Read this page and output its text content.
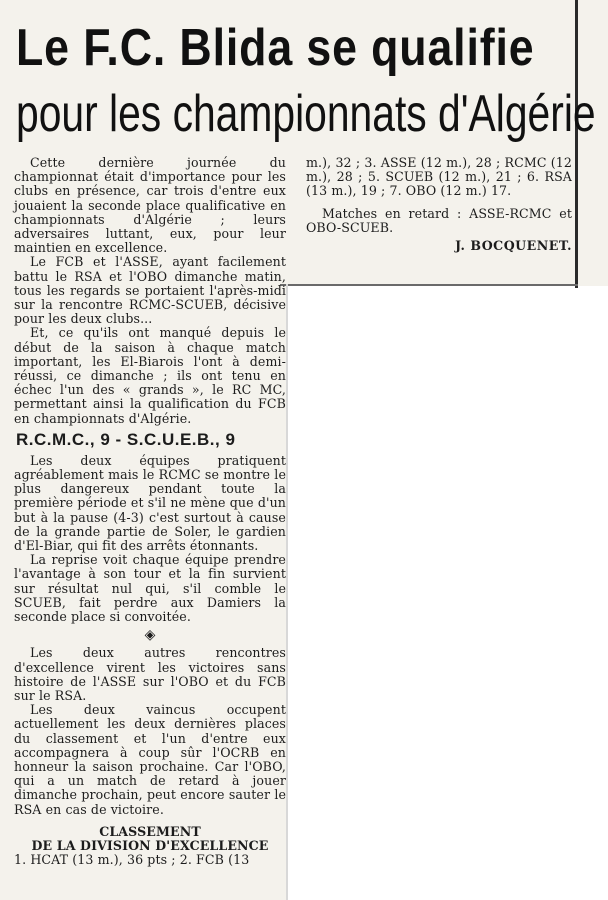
Le F.C. Blida se qualifie
pour les championnats d'Algérie

Cette dernière journée du championnat était d'importance pour les clubs en présence, car trois d'entre eux jouaient la seconde place qualificative en championnats d'Algérie ; leurs adversaires luttant, eux, pour leur maintien en excellence.

Le FCB et l'ASSE, ayant facilement battu le RSA et l'OBO dimanche matin, tous les regards se portaient l'après-midi sur la rencontre RCMC-SCUEB, décisive pour les deux clubs...

Et, ce qu'ils ont manqué depuis le début de la saison à chaque match important, les El-Biarois l'ont à demi-réussi, ce dimanche ; ils ont tenu en échec l'un des « grands », le RC MC, permettant ainsi la qualification du FCB en championnats d'Algérie.

R.C.M.C., 9 - S.C.U.E.B., 9

Les deux équipes pratiquent agréablement mais le RCMC se montre le plus dangereux pendant toute la première période et s'il ne mène que d'un but à la pause (4-3) c'est surtout à cause de la grande partie de Soler, le gardien d'El-Biar, qui fit des arrêts étonnants.

La reprise voit chaque équipe prendre l'avantage à son tour et la fin survient sur résultat nul qui, s'il comble le SCUEB, fait perdre aux Damiers la seconde place si convoitée.

◈

Les deux autres rencontres d'excellence virent les victoires sans histoire de l'ASSE sur l'OBO et du FCB sur le RSA.

Les deux vaincus occupent actuellement les deux dernières places du classement et l'un d'entre eux accompagnera à coup sûr l'OCRB en honneur la saison prochaine. Car l'OBO, qui a un match de retard à jouer dimanche prochain, peut encore sauter le RSA en cas de victoire.

CLASSEMENT

DE LA DIVISION D'EXCELLENCE

1. HCAT (13 m.), 36 pts ; 2. FCB (13

m.), 32 ; 3. ASSE (12 m.), 28 ; RCMC (12 m.), 28 ; 5. SCUEB (12 m.), 21 ; 6. RSA (13 m.), 19 ; 7. OBO (12 m.) 17.

Matches en retard : ASSE-RCMC et OBO-SCUEB.

J. BOCQUENET.
